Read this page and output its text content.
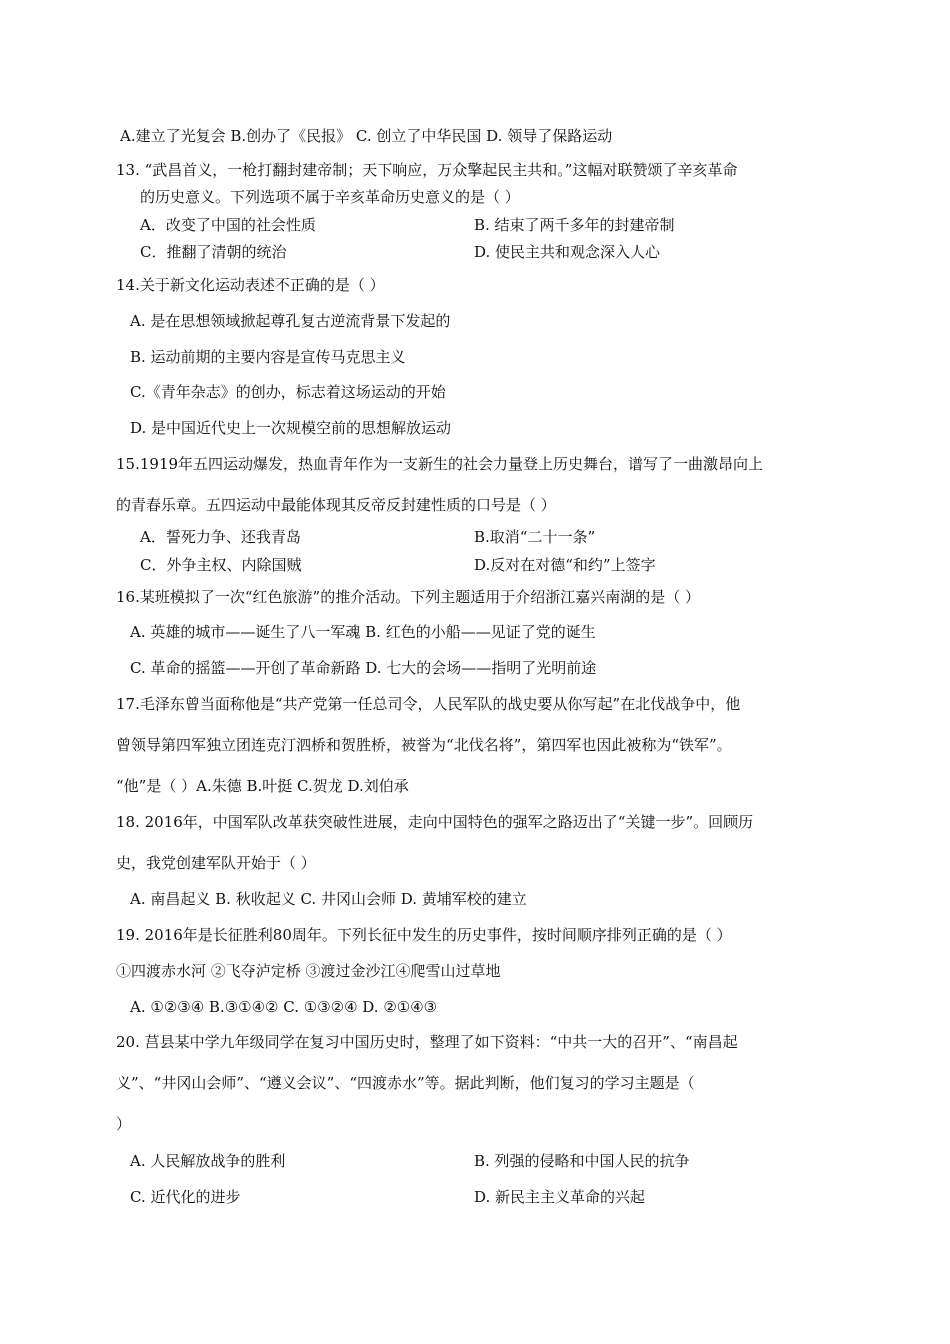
A.建立了光复会 B.创办了《民报》 C. 创立了中华民国 D. 领导了保路运动
13. “武昌首义，一枪打翻封建帝制；天下响应，万众擎起民主共和。”这幅对联赞颂了辛亥革命
的历史意义。下列选项不属于辛亥革命历史意义的是（ ）
A．改变了中国的社会性质	B. 结束了两千多年的封建帝制
C．推翻了清朝的统治	D. 使民主共和观念深入人心
14.关于新文化运动表述不正确的是（ ）
A. 是在思想领域掀起尊孔复古逆流背景下发起的
B. 运动前期的主要内容是宣传马克思主义
C.《青年杂志》的创办，标志着这场运动的开始
D. 是中国近代史上一次规模空前的思想解放运动
15.1919年五四运动爆发，热血青年作为一支新生的社会力量登上历史舞台，谱写了一曲激昂向上
的青春乐章。五四运动中最能体现其反帝反封建性质的口号是（ ）
A．誓死力争、还我青岛	B.取消“二十一条”
C．外争主权、内除国贼	D.反对在对德“和约”上签字
16.某班模拟了一次“红色旅游”的推介活动。下列主题适用于介绍浙江嘉兴南湖的是（ ）
A. 英雄的城市——诞生了八一军魂 B. 红色的小船——见证了党的诞生
C. 革命的摇篮——开创了革命新路 D. 七大的会场——指明了光明前途
17.毛泽东曾当面称他是“共产党第一任总司令，人民军队的战史要从你写起”在北伐战争中，他
曾领导第四军独立团连克汀泗桥和贺胜桥，被誉为“北伐名将”，第四军也因此被称为“铁军”。
“他”是（ ）A.朱德 B.叶挺 C.贺龙 D.刘伯承
18. 2016年，中国军队改革获突破性进展，走向中国特色的强军之路迈出了“关键一步”。回顾历
史，我党创建军队开始于（ ）
A. 南昌起义 B. 秋收起义 C. 井冈山会师 D. 黄埔军校的建立
19. 2016年是长征胜利80周年。下列长征中发生的历史事件，按时间顺序排列正确的是（ ）
①四渡赤水河 ②飞夺泸定桥 ③渡过金沙江④爬雪山过草地
A. ①②③④ B.③①④② C. ①③②④ D. ②①④③
20. 莒县某中学九年级同学在复习中国历史时，整理了如下资料：“中共一大的召开”、“南昌起
义”、“井冈山会师”、“遵义会议”、“四渡赤水”等。据此判断，他们复习的学习主题是（
）
A. 人民解放战争的胜利	B. 列强的侵略和中国人民的抗争
C. 近代化的进步	D. 新民主主义革命的兴起
